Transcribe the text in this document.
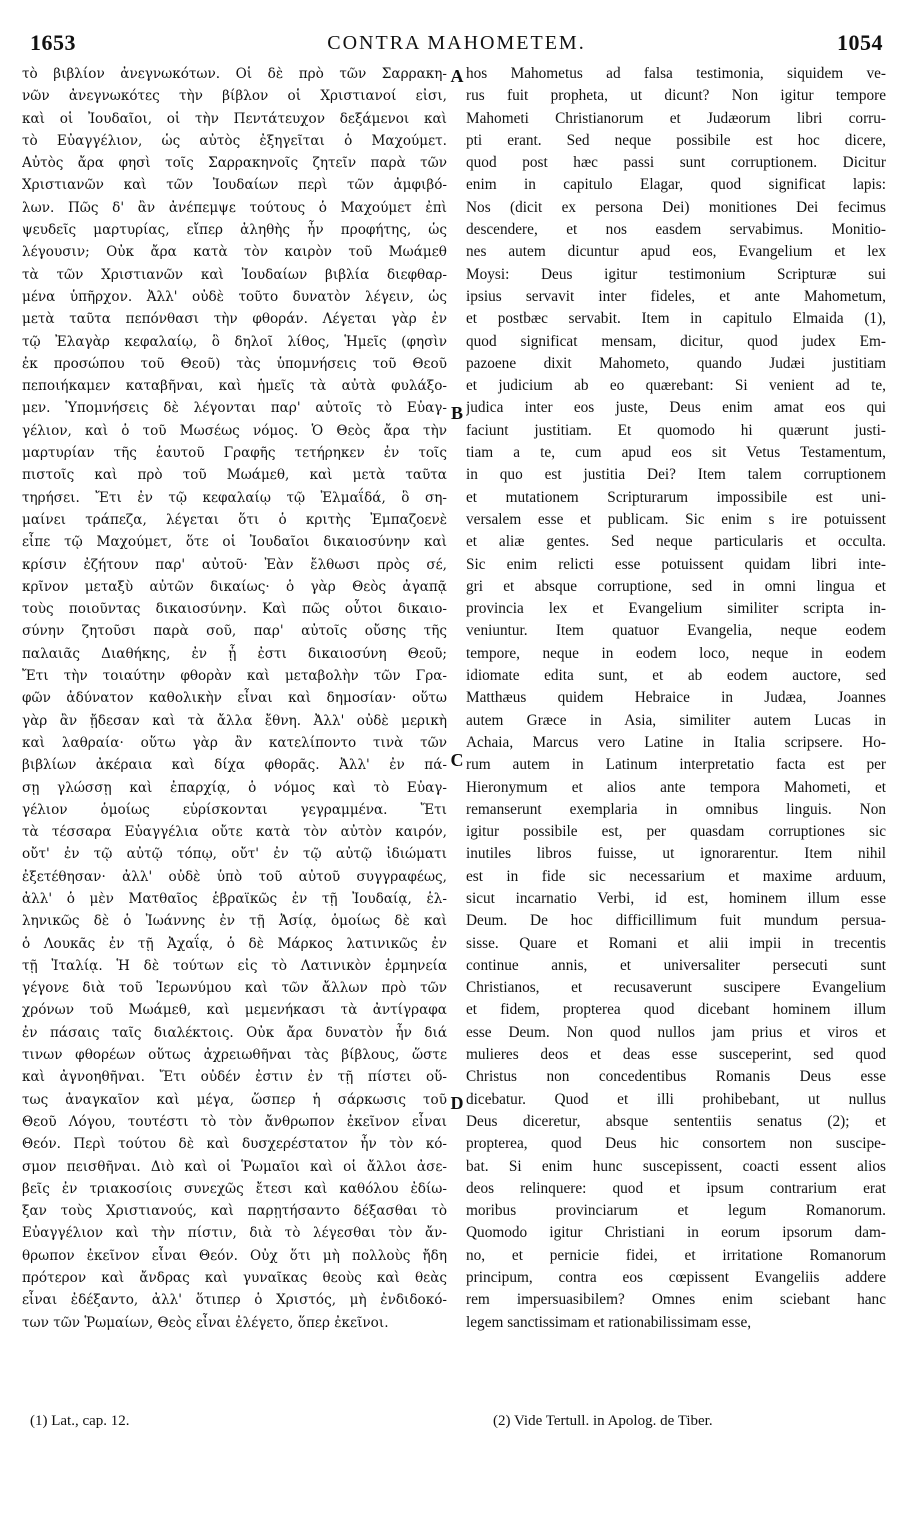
1653	CONTRA MAHOMETEM.	1054
τὸ βιβλίον ἀνεγνωκότων. Οἱ δὲ πρὸ τῶν Σαρρακη-
νῶν ἀνεγνωκότες τὴν βίβλον οἱ Χριστιανοί εἰσι,
καὶ οἱ Ἰουδαῖοι, οἱ τὴν Πεντάτευχον δεξάμενοι καὶ
τὸ Εὐαγγέλιον, ὡς αὐτὸς ἐξηγεῖται ὁ Μαχούμετ.
Αὐτὸς ἄρα φησὶ τοῖς Σαρρακηνοῖς ζητεῖν παρὰ τῶν
Χριστιανῶν καὶ τῶν Ἰουδαίων περὶ τῶν ἀμφιβό-
λων. Πῶς δ' ἂν ἀνέπεμψε τούτους ὁ Μαχούμετ ἐπὶ
ψευδεῖς μαρτυρίας, εἴπερ ἀληθὴς ἦν προφήτης, ὡς
λέγουσιν; Οὐκ ἄρα κατὰ τὸν καιρὸν τοῦ Μωάμεθ
τὰ τῶν Χριστιανῶν καὶ Ἰουδαίων βιβλία διεφθαρ-
μένα ὑπῆρχον. Ἀλλ' οὐδὲ τοῦτο δυνατὸν λέγειν, ὡς
μετὰ ταῦτα πεπόνθασι τὴν φθοράν. Λέγεται γὰρ ἐν
τῷ Ἐλαγὰρ κεφαλαίῳ, ὃ δηλοῖ λίθος, Ἡμεῖς (φησὶν
ἐκ προσώπου τοῦ Θεοῦ) τὰς ὑπομνήσεις τοῦ Θεοῦ
πεποιήκαμεν καταβῆναι, καὶ ἡμεῖς τὰ αὐτὰ φυλάξο-
μεν. Ὑπομνήσεις δὲ λέγονται παρ' αὐτοῖς τὸ Εὐαγ-
γέλιον, καὶ ὁ τοῦ Μωσέως νόμος. Ὁ Θεὸς ἄρα τὴν
μαρτυρίαν τῆς ἑαυτοῦ Γραφῆς τετήρηκεν ἐν τοῖς
πιστοῖς καὶ πρὸ τοῦ Μωάμεθ, καὶ μετὰ ταῦτα
τηρήσει. Ἔτι ἐν τῷ κεφαλαίῳ τῷ Ἐλμαΐδά, ὃ ση-
μαίνει τράπεζα, λέγεται ὅτι ὁ κριτὴς Ἐμπαζοενὲ
εἶπε τῷ Μαχούμετ, ὅτε οἱ Ἰουδαῖοι δικαιοσύνην καὶ
κρίσιν ἐζήτουν παρ' αὐτοῦ· Ἐὰν ἔλθωσι πρὸς σέ,
κρῖνον μεταξὺ αὐτῶν δικαίως· ὁ γὰρ Θεὸς ἀγαπᾷ
τοὺς ποιοῦντας δικαιοσύνην. Καὶ πῶς οὗτοι δικαιο-
σύνην ζητοῦσι παρὰ σοῦ, παρ' αὐτοῖς οὔσης τῆς
παλαιᾶς Διαθήκης, ἐν ᾗ ἐστι δικαιοσύνη Θεοῦ;
Ἔτι τὴν τοιαύτην φθορὰν καὶ μεταβολὴν τῶν Γρα-
φῶν ἀδύνατον καθολικὴν εἶναι καὶ δημοσίαν· οὕτω
γὰρ ἂν ᾔδεσαν καὶ τὰ ἄλλα ἔθνη. Ἀλλ' οὐδὲ μερικὴ
καὶ λαθραία· οὕτω γὰρ ἂν κατελίποντο τινὰ τῶν
βιβλίων ἀκέραια καὶ δίχα φθορᾶς. Ἀλλ' ἐν πά-
σῃ γλώσσῃ καὶ ἐπαρχίᾳ, ὁ νόμος καὶ τὸ Εὐαγ-
γέλιον ὁμοίως εὑρίσκονται γεγραμμένα. Ἔτι
τὰ τέσσαρα Εὐαγγέλια οὔτε κατὰ τὸν αὐτὸν καιρόν,
οὔτ' ἐν τῷ αὐτῷ τόπῳ, οὔτ' ἐν τῷ αὐτῷ ἰδιώματι
ἐξετέθησαν· ἀλλ' οὐδὲ ὑπὸ τοῦ αὐτοῦ συγγραφέως,
ἀλλ' ὁ μὲν Ματθαῖος ἑβραϊκῶς ἐν τῇ Ἰουδαίᾳ, ἑλ-
ληνικῶς δὲ ὁ Ἰωάννης ἐν τῇ Ἀσίᾳ, ὁμοίως δὲ καὶ
ὁ Λουκᾶς ἐν τῇ Ἀχαΐᾳ, ὁ δὲ Μάρκος λατινικῶς ἐν
τῇ Ἰταλίᾳ. Ἡ δὲ τούτων εἰς τὸ Λατινικὸν ἑρμηνεία
γέγονε διὰ τοῦ Ἱερωνύμου καὶ τῶν ἄλλων πρὸ τῶν
χρόνων τοῦ Μωάμεθ, καὶ μεμενήκασι τὰ ἀντίγραφα
ἐν πάσαις ταῖς διαλέκτοις. Οὐκ ἄρα δυνατὸν ἦν διά
τινων φθορέων οὕτως ἀχρειωθῆναι τὰς βίβλους, ὥστε
καὶ ἀγνοηθῆναι. Ἔτι οὐδέν ἐστιν ἐν τῇ πίστει οὕ-
τως ἀναγκαῖον καὶ μέγα, ὥσπερ ἡ σάρκωσις τοῦ
Θεοῦ Λόγου, τουτέστι τὸ τὸν ἄνθρωπον ἐκεῖνον εἶναι
Θεόν. Περὶ τούτου δὲ καὶ δυσχερέστατον ἦν τὸν κό-
σμον πεισθῆναι. Διὸ καὶ οἱ Ῥωμαῖοι καὶ οἱ ἄλλοι ἀσε-
βεῖς ἐν τριακοσίοις συνεχῶς ἔτεσι καὶ καθόλου ἐδίω-
ξαν τοὺς Χριστιανούς, καὶ παρῃτήσαντο δέξασθαι τὸ
Εὐαγγέλιον καὶ τὴν πίστιν, διὰ τὸ λέγεσθαι τὸν ἄν-
θρωπον ἐκεῖνον εἶναι Θεόν. Οὐχ ὅτι μὴ πολλοὺς ἤδη
πρότερον καὶ ἄνδρας καὶ γυναῖκας θεοὺς καὶ θεὰς
εἶναι ἐδέξαντο, ἀλλ' ὅτιπερ ὁ Χριστός, μὴ ἐνδιδοκό-
των τῶν Ῥωμαίων, Θεὸς εἶναι ἐλέγετο, ὅπερ ἐκεῖνοι.
hos Mahometus ad falsa testimonia, siquidem ve-
rus fuit propheta, ut dicunt? Non igitur tempore
Mahometi Christianorum et Judæorum libri corru-
pti erant. Sed neque possibile est hoc dicere,
quod post hæc passi sunt corruptionem. Dicitur
enim in capitulo Elagar, quod significat lapis:
Nos (dicit ex persona Dei) monitiones Dei fecimus
descendere, et nos easdem servabimus. Monitio-
nes autem dicuntur apud eos, Evangelium et lex
Moysi: Deus igitur testimonium Scripturæ sui
ipsius servavit inter fideles, et ante Mahometum,
et postbæc servabit. Item in capitulo Elmaida (1),
quod significat mensam, dicitur, quod judex Em-
pazoene dixit Mahometo, quando Judæi justitiam
et judicium ab eo quærebant: Si venient ad te,
judica inter eos juste, Deus enim amat eos qui
faciunt justitiam. Et quomodo hi quærunt justi-
tiam a te, cum apud eos sit Vetus Testamentum,
in quo est justitia Dei? Item talem corruptionem
et mutationem Scripturarum impossibile est uni-
versalem esse et publicam. Sic enim s ire potuissent
et aliæ gentes. Sed neque particularis et occulta.
Sic enim relicti esse potuissent quidam libri inte-
gri et absque corruptione, sed in omni lingua et
provincia lex et Evangelium similiter scripta in-
veniuntur. Item quatuor Evangelia, neque eodem
tempore, neque in eodem loco, neque in eodem
idiomate edita sunt, et ab eodem auctore, sed
Matthæus quidem Hebraice in Judæa, Joannes
autem Græce in Asia, similiter autem Lucas in
Achaia, Marcus vero Latine in Italia scripsere. Ho-
rum autem in Latinum interpretatio facta est per
Hieronymum et alios ante tempora Mahometi, et
remanserunt exemplaria in omnibus linguis. Non
igitur possibile est, per quasdam corruptiones sic
inutiles libros fuisse, ut ignorarentur. Item nihil
est in fide sic necessarium et maxime arduum,
sicut incarnatio Verbi, id est, hominem illum esse
Deum. De hoc difficillimum fuit mundum persua-
sisse. Quare et Romani et alii impii in trecentis
continue annis, et universaliter persecuti sunt
Christianos, et recusaverunt suscipere Evangelium
et fidem, propterea quod dicebant hominem illum
esse Deum. Non quod nullos jam prius et viros et
mulieres deos et deas esse susceperint, sed quod
Christus non concedentibus Romanis Deus esse
dicebatur. Quod et illi prohibebant, ut nullus
Deus diceretur, absque sententiis senatus (2); et
propterea, quod Deus hic consortem non suscipe-
bat. Si enim hunc suscepissent, coacti essent alios
deos relinquere: quod et ipsum contrarium erat
moribus provinciarum et legum Romanorum.
Quomodo igitur Christiani in eorum ipsorum dam-
no, et pernicie fidei, et irritatione Romanorum
principum, contra eos cœpissent Evangeliis addere
rem impersuasibilem? Omnes enim sciebant hanc
legem sanctissimam et rationabilissimam esse,
A
B
C
D
(1) Lat., cap. 12.	(2) Vide Tertull. in Apolog. de Tiber.
